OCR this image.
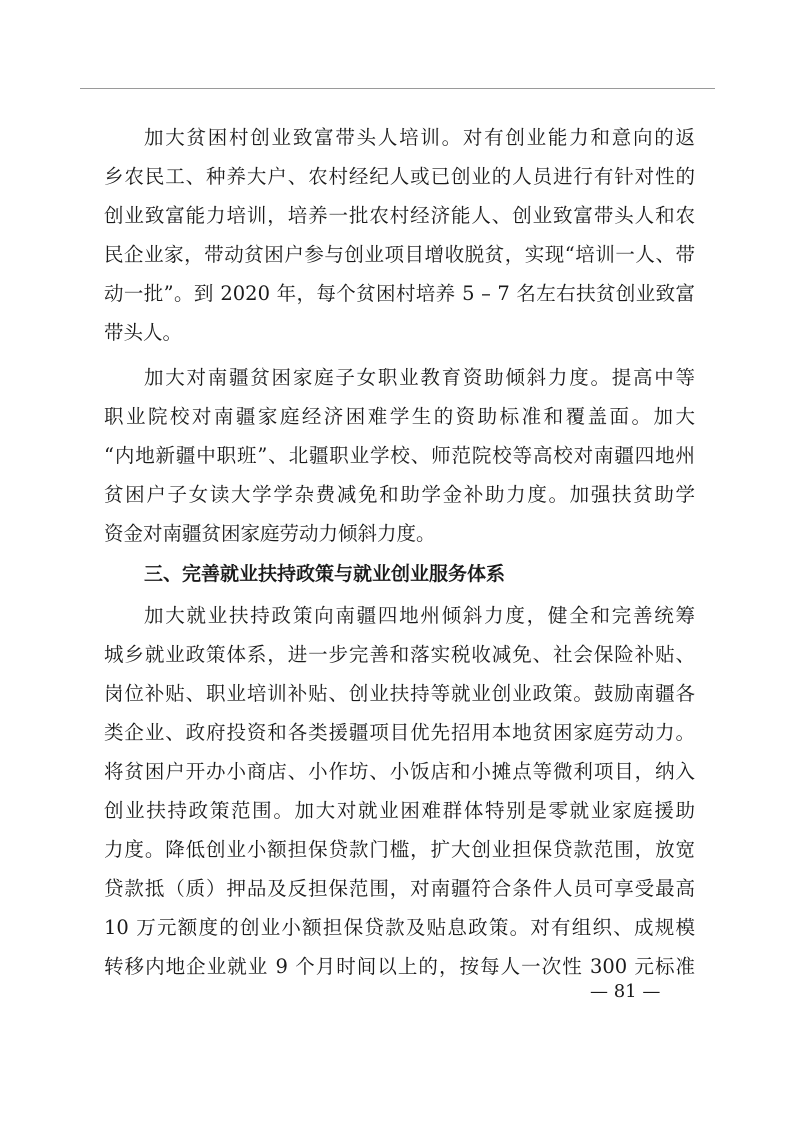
加大贫困村创业致富带头人培训。对有创业能力和意向的返
乡农民工、种养大户、农村经纪人或已创业的人员进行有针对性的
创业致富能力培训，培养一批农村经济能人、创业致富带头人和农
民企业家，带动贫困户参与创业项目增收脱贫，实现“培训一人、带
动一批”。到 2020 年，每个贫困村培养 5 – 7 名左右扶贫创业致富
带头人。
加大对南疆贫困家庭子女职业教育资助倾斜力度。提高中等
职业院校对南疆家庭经济困难学生的资助标准和覆盖面。加大
“内地新疆中职班”、北疆职业学校、师范院校等高校对南疆四地州
贫困户子女读大学学杂费减免和助学金补助力度。加强扶贫助学
资金对南疆贫困家庭劳动力倾斜力度。
三、完善就业扶持政策与就业创业服务体系
加大就业扶持政策向南疆四地州倾斜力度，健全和完善统筹
城乡就业政策体系，进一步完善和落实税收减免、社会保险补贴、
岗位补贴、职业培训补贴、创业扶持等就业创业政策。鼓励南疆各
类企业、政府投资和各类援疆项目优先招用本地贫困家庭劳动力。
将贫困户开办小商店、小作坊、小饭店和小摊点等微利项目，纳入
创业扶持政策范围。加大对就业困难群体特别是零就业家庭援助
力度。降低创业小额担保贷款门槛，扩大创业担保贷款范围，放宽
贷款抵（质）押品及反担保范围，对南疆符合条件人员可享受最高
10 万元额度的创业小额担保贷款及贴息政策。对有组织、成规模
转移内地企业就业 9 个月时间以上的，按每人一次性 300 元标准
— 81 —
